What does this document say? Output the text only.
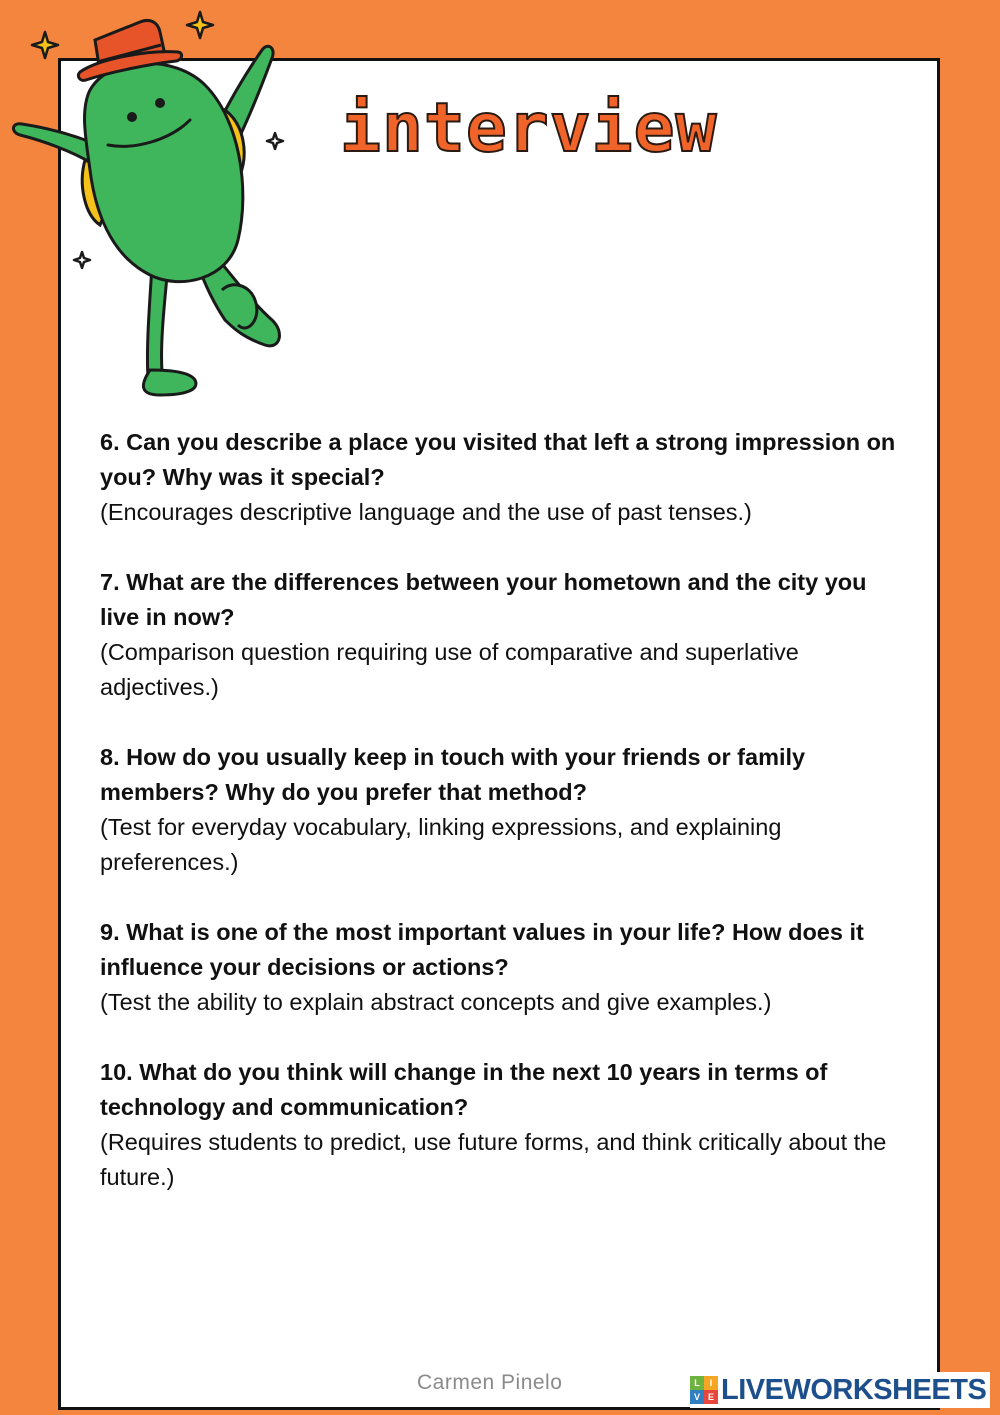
interview
6. Can you describe a place you visited that left a strong impression on you? Why was it special?
(Encourages descriptive language and the use of past tenses.)
7. What are the differences between your hometown and the city you live in now?
(Comparison question requiring use of comparative and superlative adjectives.)
8. How do you usually keep in touch with your friends or family members? Why do you prefer that method?
(Test for everyday vocabulary, linking expressions, and explaining preferences.)
9. What is one of the most important values in your life? How does it influence your decisions or actions?
(Test the ability to explain abstract concepts and give examples.)
10. What do you think will change in the next 10 years in terms of technology and communication?
(Requires students to predict, use future forms, and think critically about the future.)
Carmen Pinelo	L	I
V E LIVEWORKSHEETS
